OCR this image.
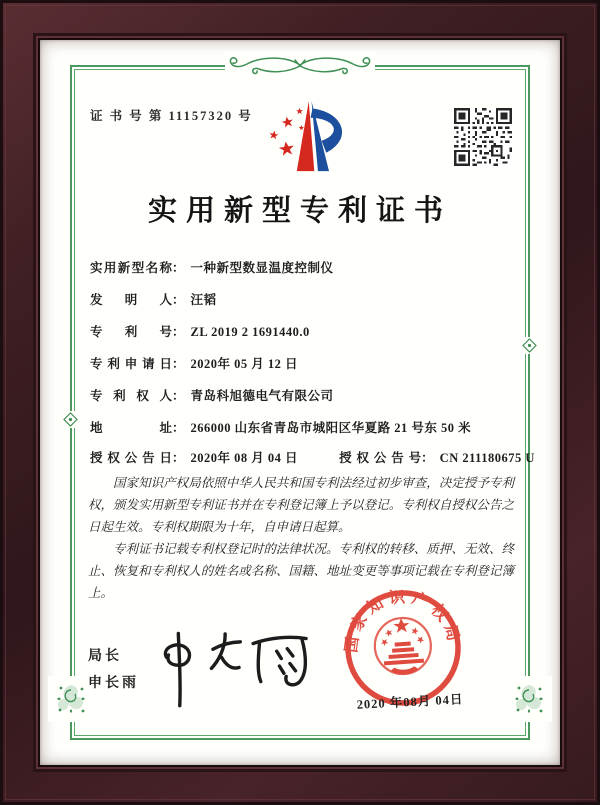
证 书 号 第 11157320 号
实用新型专利证书
实用新型名称： 一种新型数显温度控制仪
发明人： 汪韬
专利号： ZL 2019 2 1691440.0
专利申请日： 2020年 05 月 12 日
专利权人： 青岛科旭德电气有限公司
地址： 266000 山东省青岛市城阳区华夏路 21 号东 50 米
授权公告日： 2020年 08 月 04 日	授权公告号： CN 211180675 U

国家知识产权局依照中华人民共和国专利法经过初步审查，决定授予专利权，颁发实用新型专利证书并在专利登记簿上予以登记。专利权自授权公告之日起生效。专利权期限为十年，自申请日起算。

专利证书记载专利权登记时的法律状况。专利权的转移、质押、无效、终止、恢复和专利权人的姓名或名称、国籍、地址变更等事项记载在专利登记簿上。

局长
申长雨
国家知识产权局
2020 年08月 04日
